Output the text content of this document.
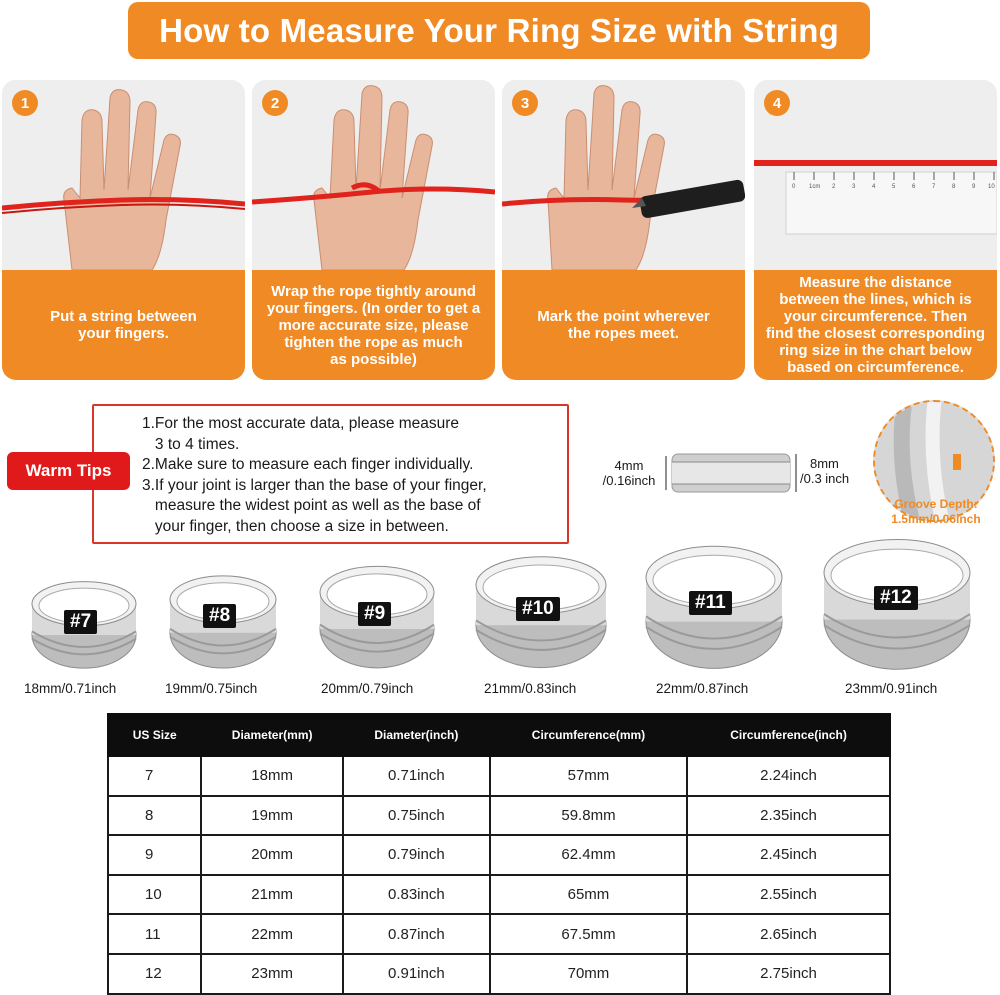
How to Measure Your Ring Size with String
1
Put a string between
your fingers.
2
Wrap the rope tightly around
your fingers. (In order to get a
more accurate size, please
tighten the rope as much
as possible)
3
Mark the point wherever
the ropes meet.
0 1cm 2	3	4	5	6	7	8	9 10
4
Measure the distance
between the lines, which is
your circumference. Then
find the closest corresponding
ring size in the chart below
based on circumference.
1.For the most accurate data, please measure
3 to 4 times.
2.Make sure to measure each finger individually.
3.If your joint is larger than the base of your finger,
measure the widest point as well as the base of
your finger, then choose a size in between.
Warm Tips	4mm
/0.16inch
8mm
/0.3 inch
Groove Depth:
1.5mm/0.06inch
#7
18mm/0.71inch
#8
19mm/0.75inch
#9
20mm/0.79inch
#10
21mm/0.83inch
#11
22mm/0.87inch
#12
23mm/0.91inch
US Size	Diameter(mm)	Diameter(inch)	Circumference(mm)	Circumference(inch)
7	18mm	0.71inch	57mm	2.24inch
8	19mm	0.75inch	59.8mm	2.35inch
9	20mm	0.79inch	62.4mm	2.45inch
10	21mm	0.83inch	65mm	2.55inch
11	22mm	0.87inch	67.5mm	2.65inch
12	23mm	0.91inch	70mm	2.75inch
